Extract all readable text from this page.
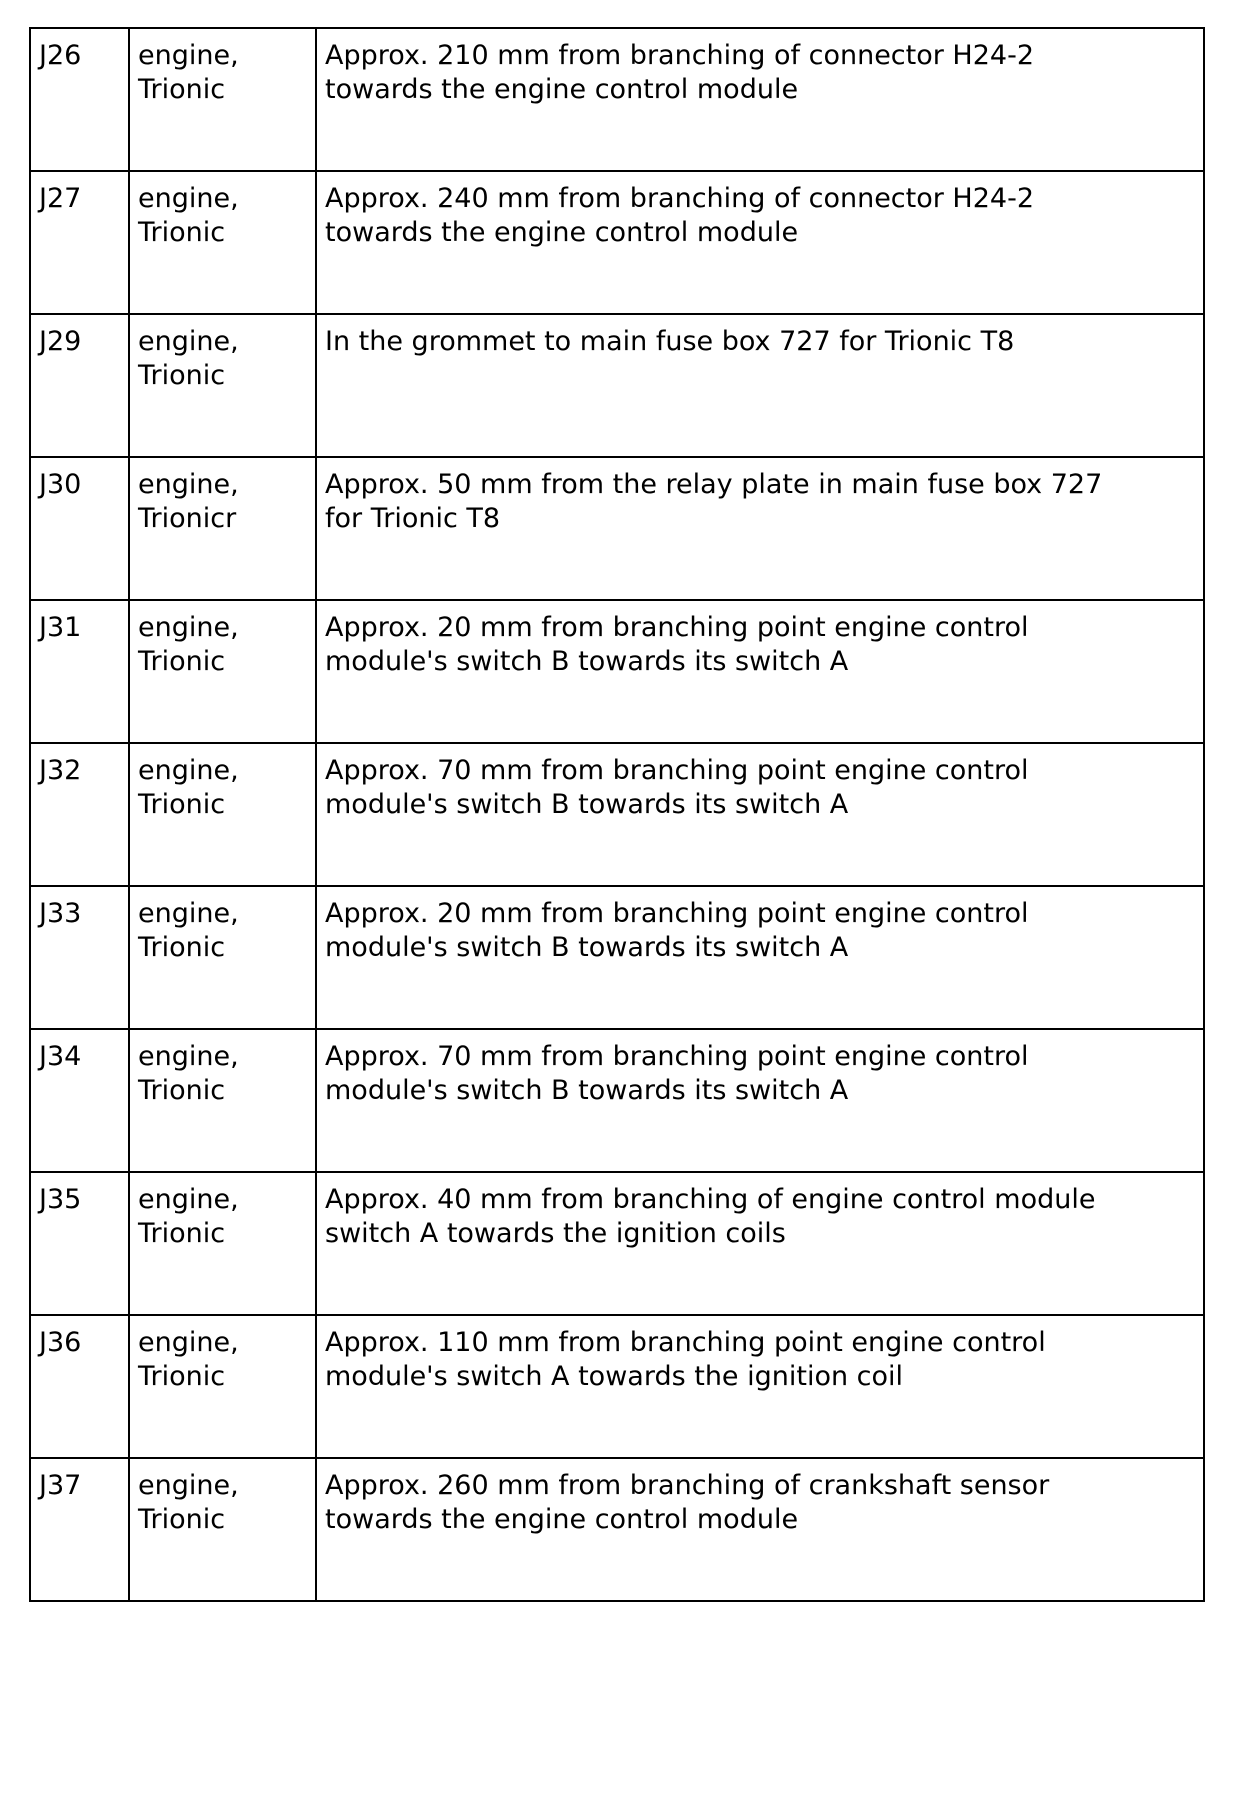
J26	engine,
Trionic	Approx. 210 mm from branching of connector H24-2
towards the engine control module

J27	engine,
Trionic	Approx. 240 mm from branching of connector H24-2
towards the engine control module

J29	engine,
Trionic	In the grommet to main fuse box 727 for Trionic T8

J30	engine,
Trionicr	Approx. 50 mm from the relay plate in main fuse box 727
for Trionic T8

J31	engine,
Trionic	Approx. 20 mm from branching point engine control
module's switch B towards its switch A

J32	engine,
Trionic	Approx. 70 mm from branching point engine control
module's switch B towards its switch A

J33	engine,
Trionic	Approx. 20 mm from branching point engine control
module's switch B towards its switch A

J34	engine,
Trionic	Approx. 70 mm from branching point engine control
module's switch B towards its switch A

J35	engine,
Trionic	Approx. 40 mm from branching of engine control module
switch A towards the ignition coils

J36	engine,
Trionic	Approx. 110 mm from branching point engine control
module's switch A towards the ignition coil

J37	engine,
Trionic	Approx. 260 mm from branching of crankshaft sensor
towards the engine control module
